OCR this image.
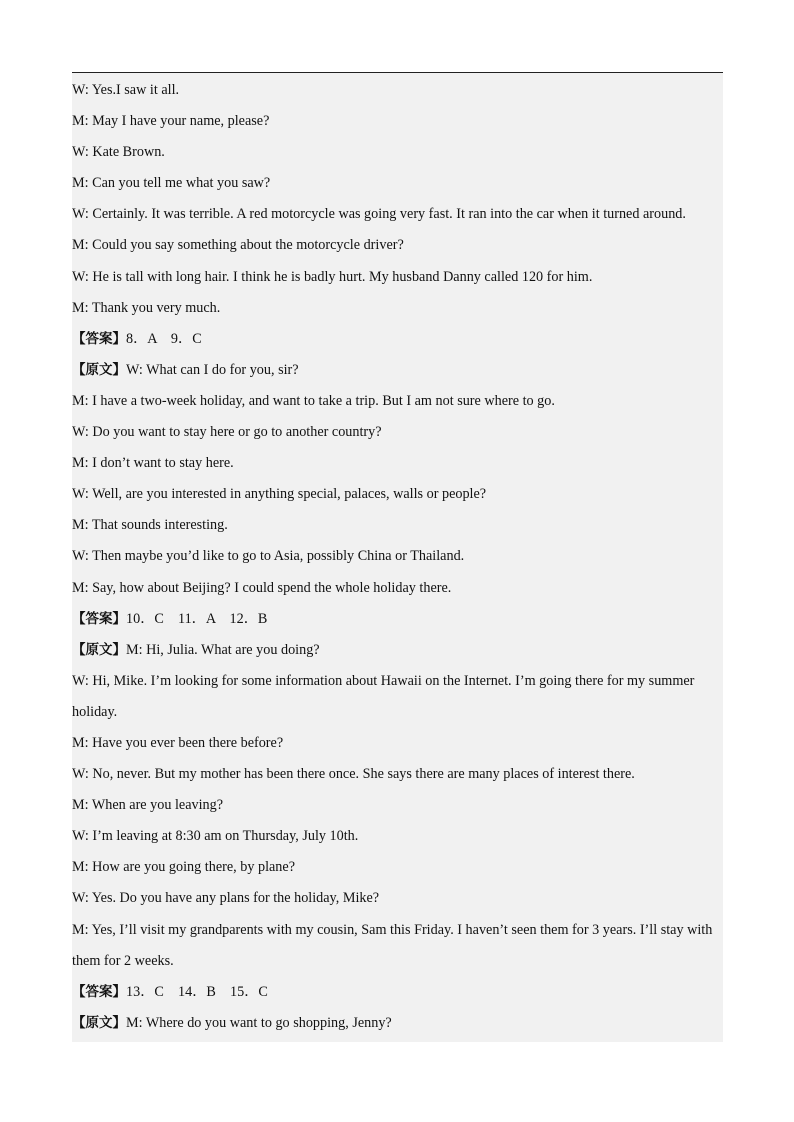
W: Yes.I saw it all.
M: May I have your name, please?
W: Kate Brown.
M: Can you tell me what you saw?
W: Certainly. It was terrible. A red motorcycle was going very fast. It ran into the car when it turned around.
M: Could you say something about the motorcycle driver?
W: He is tall with long hair. I think he is badly hurt. My husband Danny called 120 for him.
M: Thank you very much.
【答案】8．A　9．C
【原文】W: What can I do for you, sir?
M: I have a two-week holiday, and want to take a trip. But I am not sure where to go.
W: Do you want to stay here or go to another country?
M: I don’t want to stay here.
W: Well, are you interested in anything special, palaces, walls or people?
M: That sounds interesting.
W: Then maybe you’d like to go to Asia, possibly China or Thailand.
M: Say, how about Beijing? I could spend the whole holiday there.
【答案】10．C　11．A　12．B
【原文】M: Hi, Julia. What are you doing?
W: Hi, Mike. I’m looking for some information about Hawaii on the Internet. I’m going there for my summer
holiday.
M: Have you ever been there before?
W: No, never. But my mother has been there once. She says there are many places of interest there.
M: When are you leaving?
W: I’m leaving at 8:30 am on Thursday, July 10th.
M: How are you going there, by plane?
W: Yes. Do you have any plans for the holiday, Mike?
M: Yes, I’ll visit my grandparents with my cousin, Sam this Friday. I haven’t seen them for 3 years. I’ll stay with
them for 2 weeks.
【答案】13．C　14．B　15．C
【原文】M: Where do you want to go shopping, Jenny?
